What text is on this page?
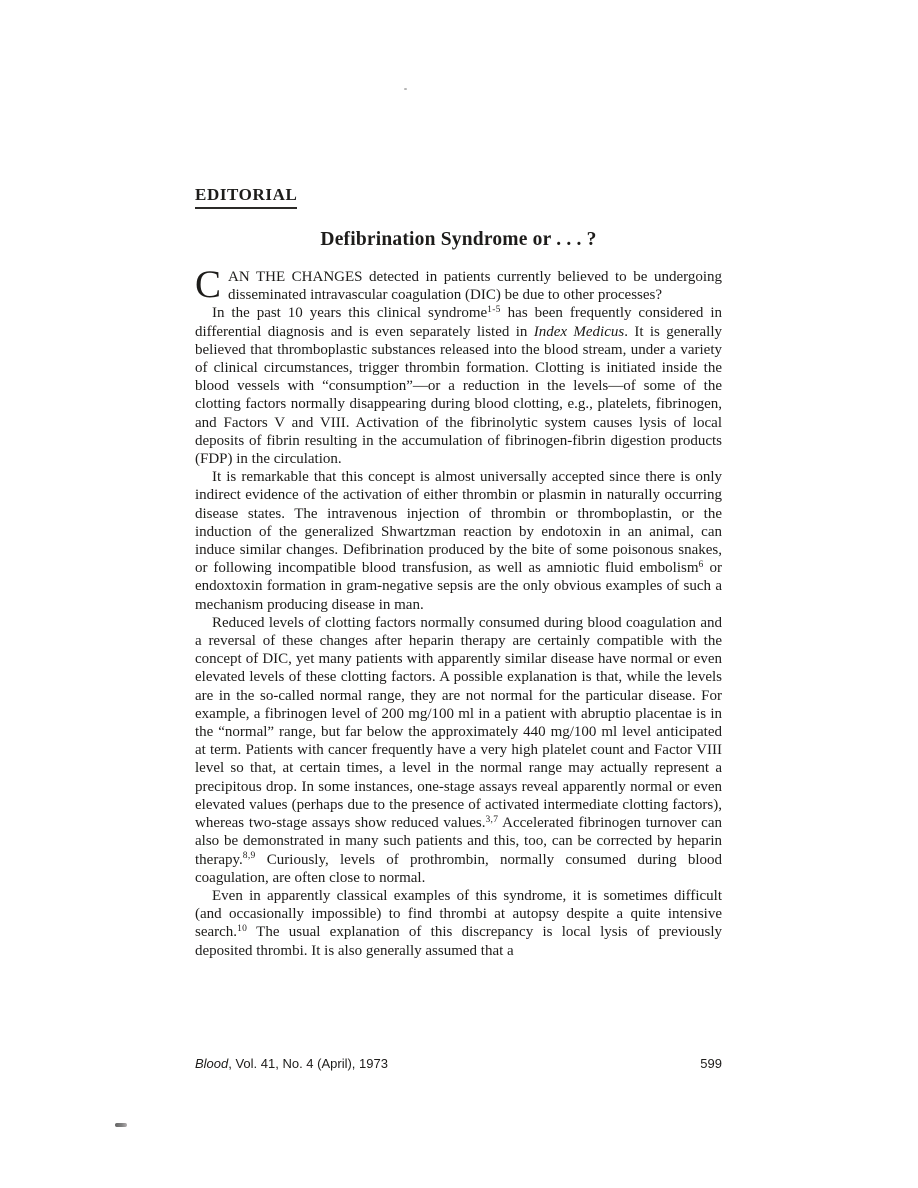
EDITORIAL
Defibrination Syndrome or . . . ?

CAN THE CHANGES detected in patients currently believed to be undergoing disseminated intravascular coagulation (DIC) be due to other processes?

In the past 10 years this clinical syndrome$^{1-5}$ has been frequently considered in differential diagnosis and is even separately listed in Index Medicus. It is generally believed that thromboplastic substances released into the blood stream, under a variety of clinical circumstances, trigger thrombin formation. Clotting is initiated inside the blood vessels with “consumption”—or a reduction in the levels—of some of the clotting factors normally disappearing during blood clotting, e.g., platelets, fibrinogen, and Factors V and VIII. Activation of the fibrinolytic system causes lysis of local deposits of fibrin resulting in the accumulation of fibrinogen-fibrin digestion products (FDP) in the circulation.

It is remarkable that this concept is almost universally accepted since there is only indirect evidence of the activation of either thrombin or plasmin in naturally occurring disease states. The intravenous injection of thrombin or thromboplastin, or the induction of the generalized Shwartzman reaction by endotoxin in an animal, can induce similar changes. Defibrination produced by the bite of some poisonous snakes, or following incompatible blood transfusion, as well as amniotic fluid embolism$^6$ or endoxtoxin formation in gram-negative sepsis are the only obvious examples of such a mechanism producing disease in man.

Reduced levels of clotting factors normally consumed during blood coagulation and a reversal of these changes after heparin therapy are certainly compatible with the concept of DIC, yet many patients with apparently similar disease have normal or even elevated levels of these clotting factors. A possible explanation is that, while the levels are in the so-called normal range, they are not normal for the particular disease. For example, a fibrinogen level of 200 mg/100 ml in a patient with abruptio placentae is in the “normal” range, but far below the approximately 440 mg/100 ml level anticipated at term. Patients with cancer frequently have a very high platelet count and Factor VIII level so that, at certain times, a level in the normal range may actually represent a precipitous drop. In some instances, one-stage assays reveal apparently normal or even elevated values (perhaps due to the presence of activated intermediate clotting factors), whereas two-stage assays show reduced values.$^{3,7}$ Accelerated fibrinogen turnover can also be demonstrated in many such patients and this, too, can be corrected by heparin therapy.$^{8,9}$ Curiously, levels of prothrombin, normally consumed during blood coagulation, are often close to normal.

Even in apparently classical examples of this syndrome, it is sometimes difficult (and occasionally impossible) to find thrombi at autopsy despite a quite intensive search.$^{10}$ The usual explanation of this discrepancy is local lysis of previously deposited thrombi. It is also generally assumed that a

Blood, Vol. 41, No. 4 (April), 1973	599
